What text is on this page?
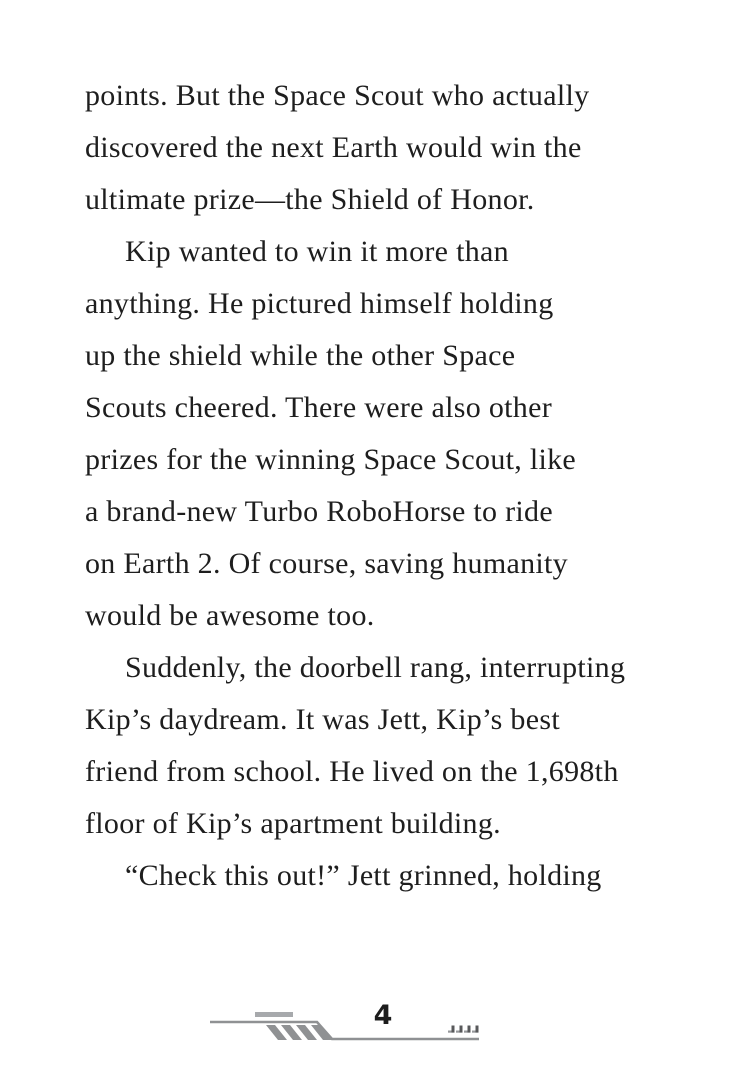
points. But the Space Scout who actually
discovered the next Earth would win the
ultimate prize—the Shield of Honor.
Kip wanted to win it more than
anything. He pictured himself holding
up the shield while the other Space
Scouts cheered. There were also other
prizes for the winning Space Scout, like
a brand-new Turbo RoboHorse to ride
on Earth 2. Of course, saving humanity
would be awesome too.
Suddenly, the doorbell rang, interrupting
Kip’s daydream. It was Jett, Kip’s best
friend from school. He lived on the 1,698th
floor of Kip’s apartment building.
“Check this out!” Jett grinned, holding
4
